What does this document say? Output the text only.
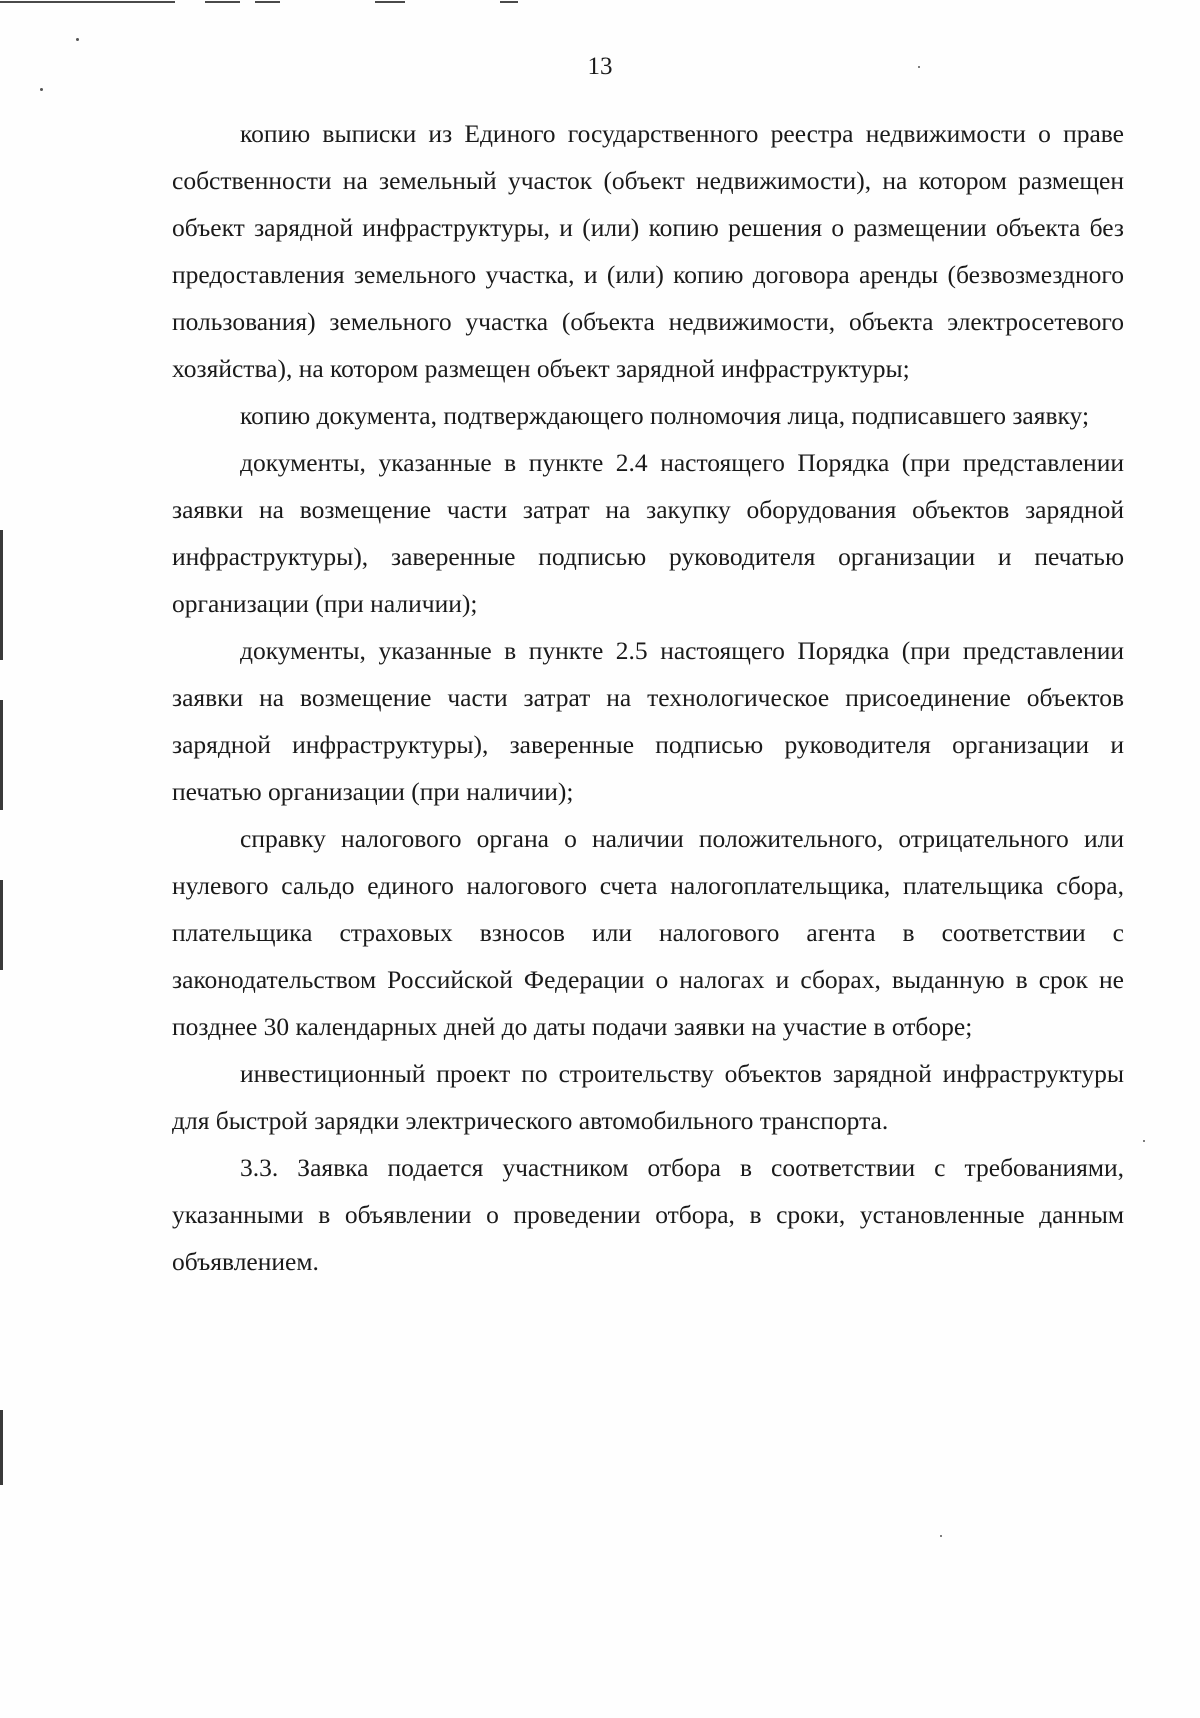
13

копию выписки из Единого государственного реестра недвижимости о праве собственности на земельный участок (объект недвижимости), на котором размещен объект зарядной инфраструктуры, и (или) копию решения о размещении объекта без предоставления земельного участка, и (или) копию договора аренды (безвозмездного пользования) земельного участка (объекта недвижимости, объекта электросетевого хозяйства), на котором размещен объект зарядной инфраструктуры;

копию документа, подтверждающего полномочия лица, подписавшего заявку;

документы, указанные в пункте 2.4 настоящего Порядка (при представлении заявки на возмещение части затрат на закупку оборудования объектов зарядной инфраструктуры), заверенные подписью руководителя организации и печатью организации (при наличии);

документы, указанные в пункте 2.5 настоящего Порядка (при представлении заявки на возмещение части затрат на технологическое присоединение объектов зарядной инфраструктуры), заверенные подписью руководителя организации и печатью организации (при наличии);

справку налогового органа о наличии положительного, отрицательного или нулевого сальдо единого налогового счета налогоплательщика, плательщика сбора, плательщика страховых взносов или налогового агента в соответствии с законодательством Российской Федерации о налогах и сборах, выданную в срок не позднее 30 календарных дней до даты подачи заявки на участие в отборе;

инвестиционный проект по строительству объектов зарядной инфраструктуры для быстрой зарядки электрического автомобильного транспорта.

3.3. Заявка подается участником отбора в соответствии с требованиями, указанными в объявлении о проведении отбора, в сроки, установленные данным объявлением.
